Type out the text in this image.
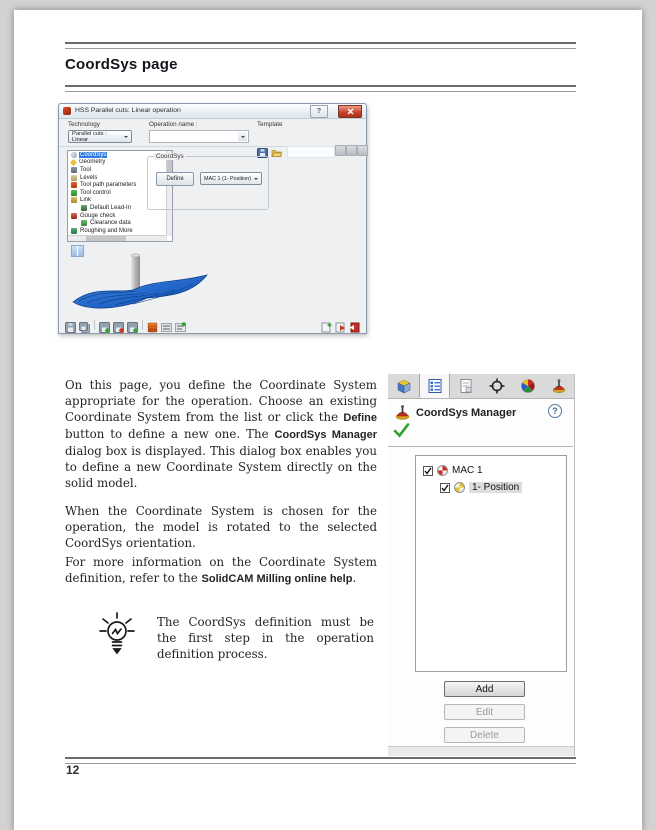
CoordSys page
HSS Parallel cuts: Linear operation	?
Technology
Parallel cuts : Linear
Operation name :	Template
CoordSys
Geometry
Tool
Levels
Tool path parameters
Tool control
Link
Default Lead-In
Gouge check
Clearance data
Roughing and More
CoordSys
Define	MAC 1 (1- Position)

On this page, you define the Coordinate System appropriate for the operation. Choose an existing Coordinate System from the list or click the Define button to define a new one. The CoordSys Manager dialog box is displayed. This dialog box enables you to define a new Coordinate System directly on the solid model.

When the Coordinate System is chosen for the operation, the model is rotated to the selected CoordSys orientation.

For more information on the Coordinate System definition, refer to the SolidCAM Milling online help.

The CoordSys definition must be the first step in the operation definition process.

CoordSys Manager	?
MAC 1
1- Position
Add
Edit
Delete
12
